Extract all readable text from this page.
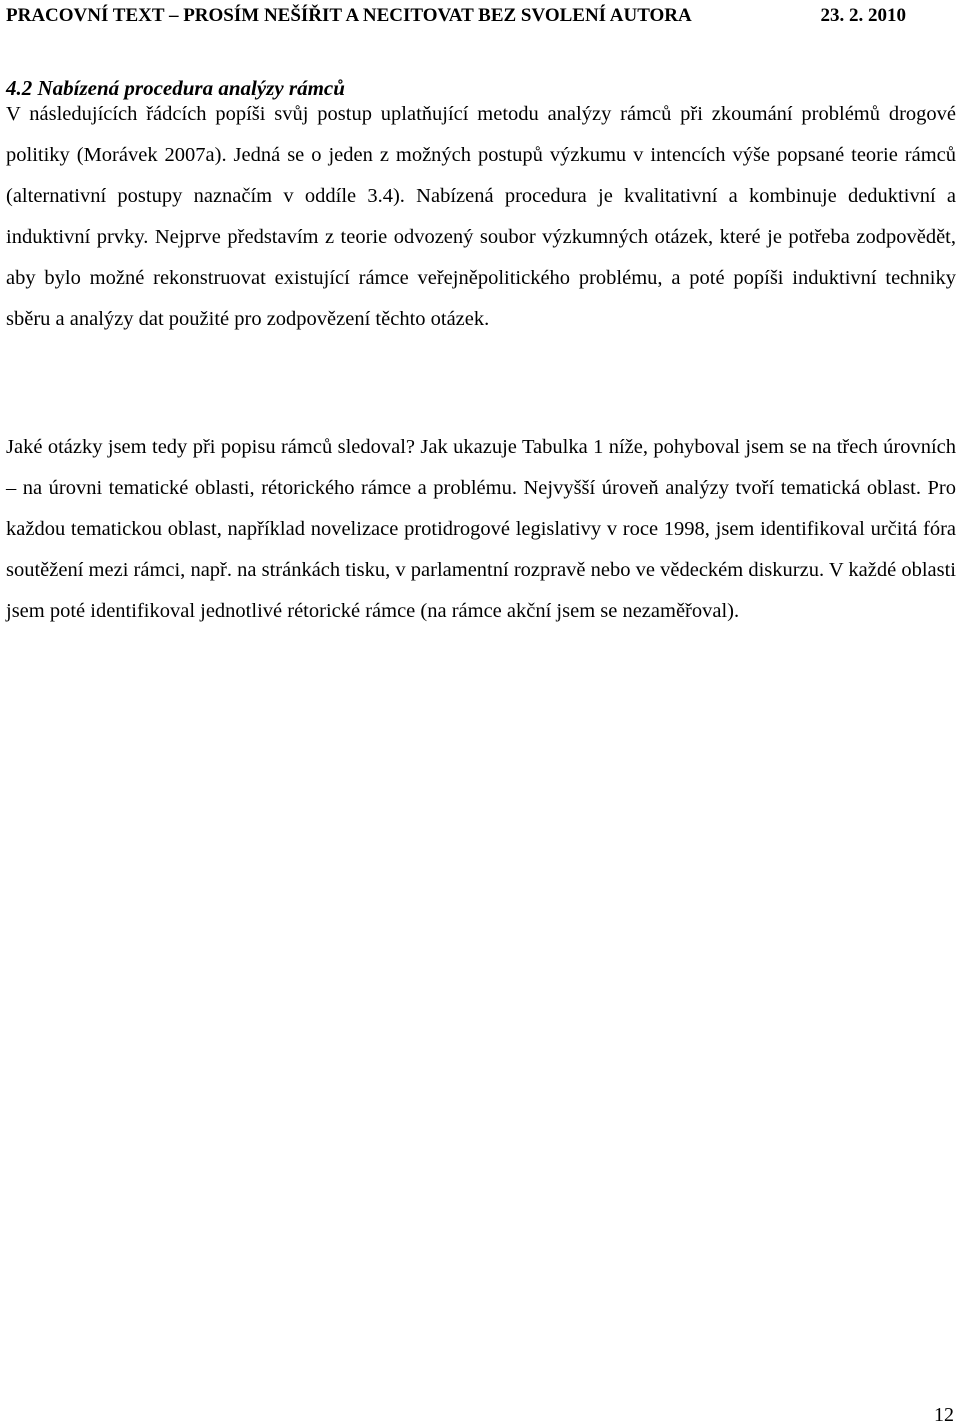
PRACOVNÍ TEXT – PROSÍM NEŠÍŘIT A NECITOVAT BEZ SVOLENÍ AUTORA	23. 2. 2010
4.2 Nabízená procedura analýzy rámců

V následujících řádcích popíši svůj postup uplatňující metodu analýzy rámců při zkoumání problémů drogové politiky (Morávek 2007a). Jedná se o jeden z možných postupů výzkumu v intencích výše popsané teorie rámců (alternativní postupy naznačím v oddíle 3.4). Nabízená procedura je kvalitativní a kombinuje deduktivní a induktivní prvky. Nejprve představím z teorie odvozený soubor výzkumných otázek, které je potřeba zodpovědět, aby bylo možné rekonstruovat existující rámce veřejněpolitického problému, a poté popíši induktivní techniky sběru a analýzy dat použité pro zodpovězení těchto otázek.

Jaké otázky jsem tedy při popisu rámců sledoval? Jak ukazuje Tabulka 1 níže, pohyboval jsem se na třech úrovních – na úrovni tematické oblasti, rétorického rámce a problému. Nejvyšší úroveň analýzy tvoří tematická oblast. Pro každou tematickou oblast, například novelizace protidrogové legislativy v roce 1998, jsem identifikoval určitá fóra soutěžení mezi rámci, např. na stránkách tisku, v parlamentní rozpravě nebo ve vědeckém diskurzu. V každé oblasti jsem poté identifikoval jednotlivé rétorické rámce (na rámce akční jsem se nezaměřoval).

12
